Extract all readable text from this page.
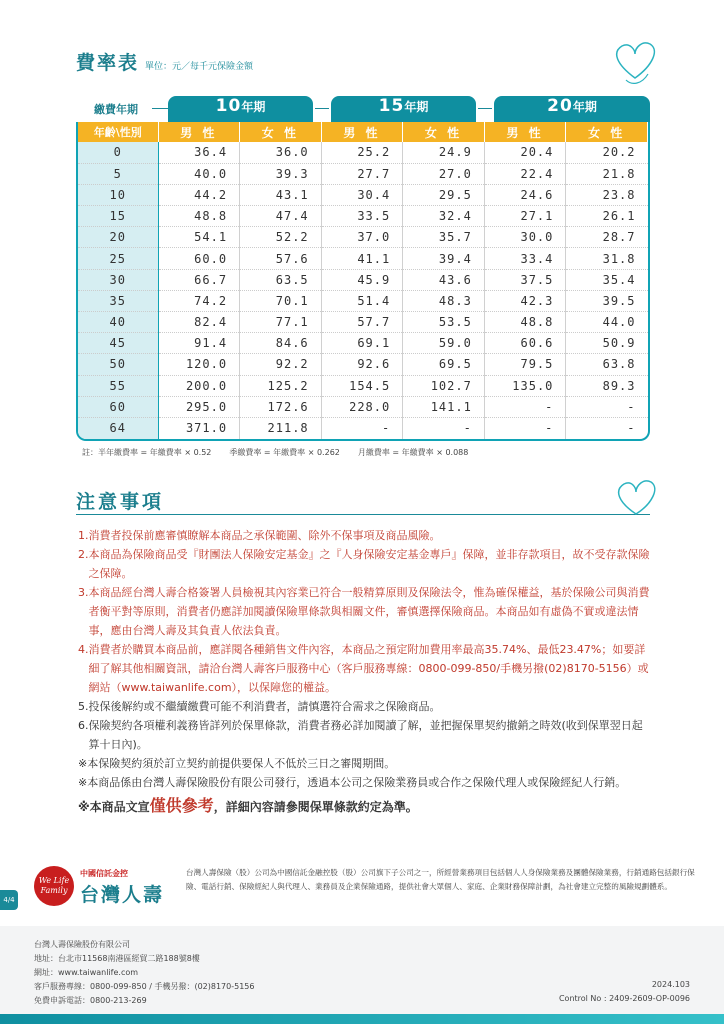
費率表 單位：元／每千元保險金額
繳費年期	10年期	15年期	20年期
年齡\性別	男 性	女 性	男 性	女 性	男 性	女 性
0	36.4	36.0	25.2	24.9	20.4	20.2
5	40.0	39.3	27.7	27.0	22.4	21.8
10	44.2	43.1	30.4	29.5	24.6	23.8
15	48.8	47.4	33.5	32.4	27.1	26.1
20	54.1	52.2	37.0	35.7	30.0	28.7
25	60.0	57.6	41.1	39.4	33.4	31.8
30	66.7	63.5	45.9	43.6	37.5	35.4
35	74.2	70.1	51.4	48.3	42.3	39.5
40	82.4	77.1	57.7	53.5	48.8	44.0
45	91.4	84.6	69.1	59.0	60.6	50.9
50	120.0	92.2	92.6	69.5	79.5	63.8
55	200.0	125.2	154.5	102.7	135.0	89.3
60	295.0	172.6	228.0	141.1	-	-
64	371.0	211.8	-	-	-	-
註：半年繳費率 = 年繳費率 × 0.52 季繳費率 = 年繳費率 × 0.262 月繳費率 = 年繳費率 × 0.088
注意事項
1. 消費者投保前應審慎瞭解本商品之承保範圍、除外不保事項及商品風險。
2. 本商品為保險商品受『財團法人保險安定基金』之『人身保險安定基金專戶』保障，並非存款項目，故不受存款保險之保障。
3. 本商品經台灣人壽合格簽署人員檢視其內容業已符合一般精算原則及保險法令，惟為確保權益，基於保險公司與消費者衡平對等原則，消費者仍應詳加閱讀保險單條款與相關文件，審慎選擇保險商品。本商品如有虛偽不實或違法情事，應由台灣人壽及其負責人依法負責。
4. 消費者於購買本商品前，應詳閱各種銷售文件內容，本商品之預定附加費用率最高35.74%、最低23.47%；如要詳細了解其他相關資訊，請洽台灣人壽客戶服務中心（客戶服務專線：0800-099-850/手機另撥(02)8170-5156）或網站（www.taiwanlife.com），以保障您的權益。
5. 投保後解約或不繼續繳費可能不利消費者，請慎選符合需求之保險商品。
6. 保險契約各項權利義務皆詳列於保單條款，消費者務必詳加閱讀了解，並把握保單契約撤銷之時效(收到保單翌日起算十日內)。
※ 本保險契約須於訂立契約前提供要保人不低於三日之審閱期間。
※ 本商品係由台灣人壽保險股份有限公司發行，透過本公司之保險業務員或合作之保險代理人或保險經紀人行銷。
※本商品文宣僅供參考，詳細內容請參閱保單條款約定為準。
4/4
We Life Family
中國信託金控
台灣人壽
台灣人壽保險（股）公司為中國信託金融控股（股）公司旗下子公司之一，所經營業務項目包括個人人身保險業務及團體保險業務，行銷通路包括銀行保險、電話行銷、保險經紀人與代理人、業務員及企業保險通路，提供社會大眾個人、家庭、企業財務保障計劃，為社會建立完整的風險規劃體系。
台灣人壽保險股份有限公司
地址：台北市11568南港區經貿二路188號8樓
網址：www.taiwanlife.com
客戶服務專線：0800-099-850 / 手機另撥：(02)8170-5156
免費申訴電話：0800-213-269
2024.103
Control No : 2409-2609-OP-0096
